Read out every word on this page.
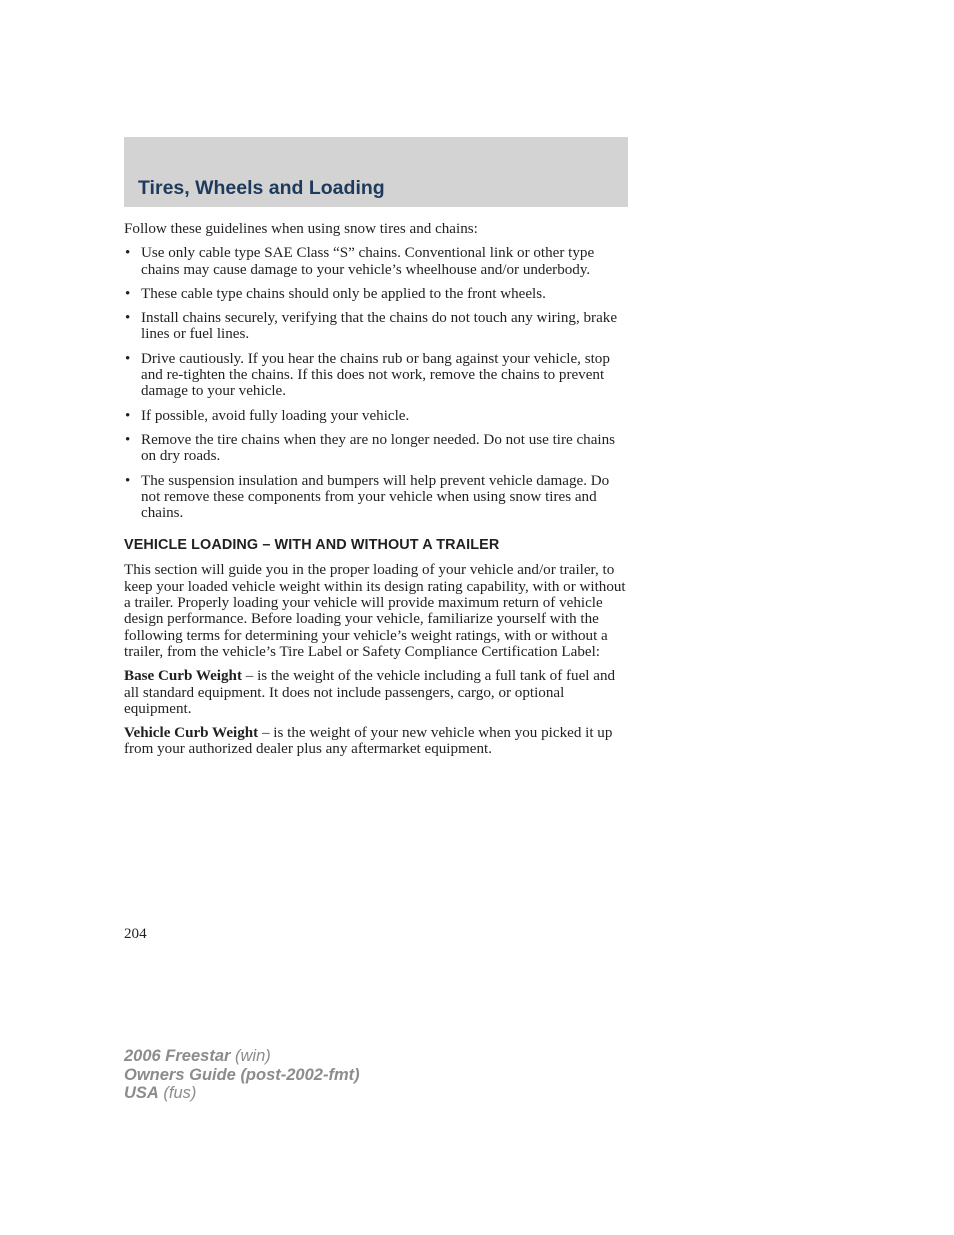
Tires, Wheels and Loading

Follow these guidelines when using snow tires and chains:

• Use only cable type SAE Class “S” chains. Conventional link or other type chains may cause damage to your vehicle’s wheelhouse and/or underbody.
• These cable type chains should only be applied to the front wheels.
• Install chains securely, verifying that the chains do not touch any wiring, brake lines or fuel lines.
• Drive cautiously. If you hear the chains rub or bang against your vehicle, stop and re-tighten the chains. If this does not work, remove the chains to prevent damage to your vehicle.
• If possible, avoid fully loading your vehicle.
• Remove the tire chains when they are no longer needed. Do not use tire chains on dry roads.
• The suspension insulation and bumpers will help prevent vehicle damage. Do not remove these components from your vehicle when using snow tires and chains.
VEHICLE LOADING – WITH AND WITHOUT A TRAILER

This section will guide you in the proper loading of your vehicle and/or trailer, to keep your loaded vehicle weight within its design rating capability, with or without a trailer. Properly loading your vehicle will provide maximum return of vehicle design performance. Before loading your vehicle, familiarize yourself with the following terms for determining your vehicle’s weight ratings, with or without a trailer, from the vehicle’s Tire Label or Safety Compliance Certification Label:

Base Curb Weight – is the weight of the vehicle including a full tank of fuel and all standard equipment. It does not include passengers, cargo, or optional equipment.

Vehicle Curb Weight – is the weight of your new vehicle when you picked it up from your authorized dealer plus any aftermarket equipment.

204
2006 Freestar (win)
Owners Guide (post-2002-fmt)
USA (fus)
